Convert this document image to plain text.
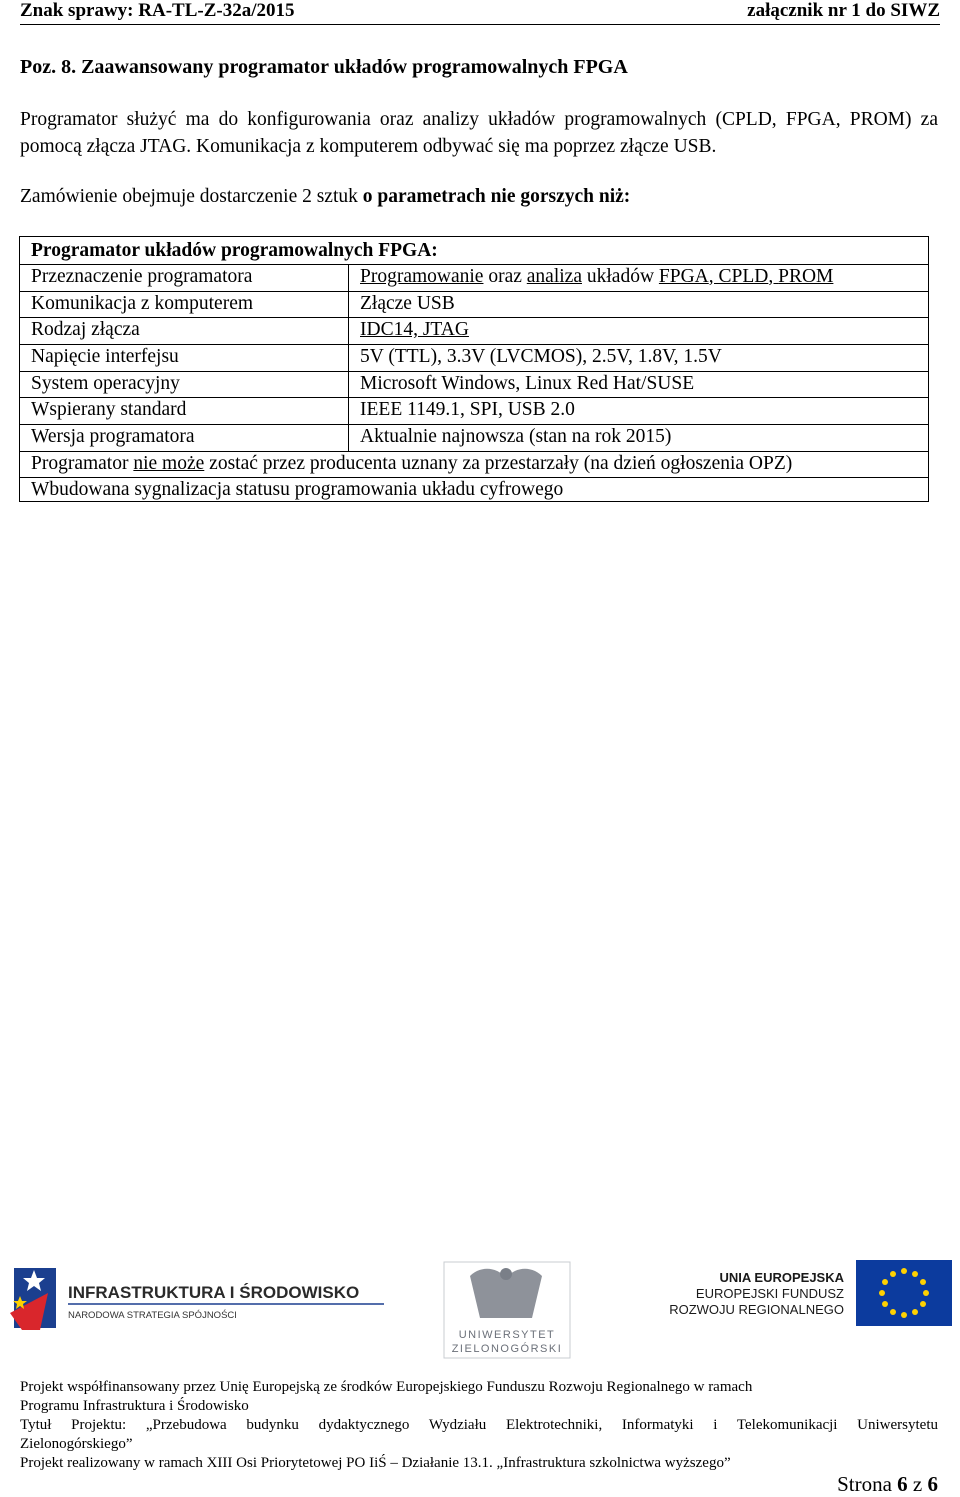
Znak sprawy: RA-TL-Z-32a/2015	załącznik nr 1 do SIWZ
Poz. 8. Zaawansowany programator układów programowalnych FPGA
Programator służyć ma do konfigurowania oraz analizy układów programowalnych (CPLD, FPGA, PROM) za pomocą złącza JTAG. Komunikacja z komputerem odbywać się ma poprzez złącze USB.
Zamówienie obejmuje dostarczenie 2 sztuk o parametrach nie gorszych niż:
Programator układów programowalnych FPGA:
Przeznaczenie programatora	Programowanie oraz analiza układów FPGA, CPLD, PROM
Komunikacja z komputerem	Złącze USB
Rodzaj złącza	IDC14, JTAG
Napięcie interfejsu	5V (TTL), 3.3V (LVCMOS), 2.5V, 1.8V, 1.5V
System operacyjny	Microsoft Windows, Linux Red Hat/SUSE
Wspierany standard	IEEE 1149.1, SPI, USB 2.0
Wersja programatora	Aktualnie najnowsza (stan na rok 2015)
Programator nie może zostać przez producenta uznany za przestarzały (na dzień ogłoszenia OPZ)
Wbudowana sygnalizacja statusu programowania układu cyfrowego
INFRASTRUKTURA I ŚRODOWISKO
NARODOWA STRATEGIA SPÓJNOŚCI
UNIWERSYTET
ZIELONOGÓRSKI
UNIA EUROPEJSKA
EUROPEJSKI FUNDUSZ
ROZWOJU REGIONALNEGO
Projekt współfinansowany przez Unię Europejską ze środków Europejskiego Funduszu Rozwoju Regionalnego w ramach
Programu Infrastruktura i Środowisko
Tytuł Projektu: „Przebudowa budynku dydaktycznego Wydziału Elektrotechniki, Informatyki i Telekomunikacji Uniwersytetu
Zielonogórskiego”
Projekt realizowany w ramach XIII Osi Priorytetowej PO IiŚ – Działanie 13.1. „Infrastruktura szkolnictwa wyższego”
Strona 6 z 6
